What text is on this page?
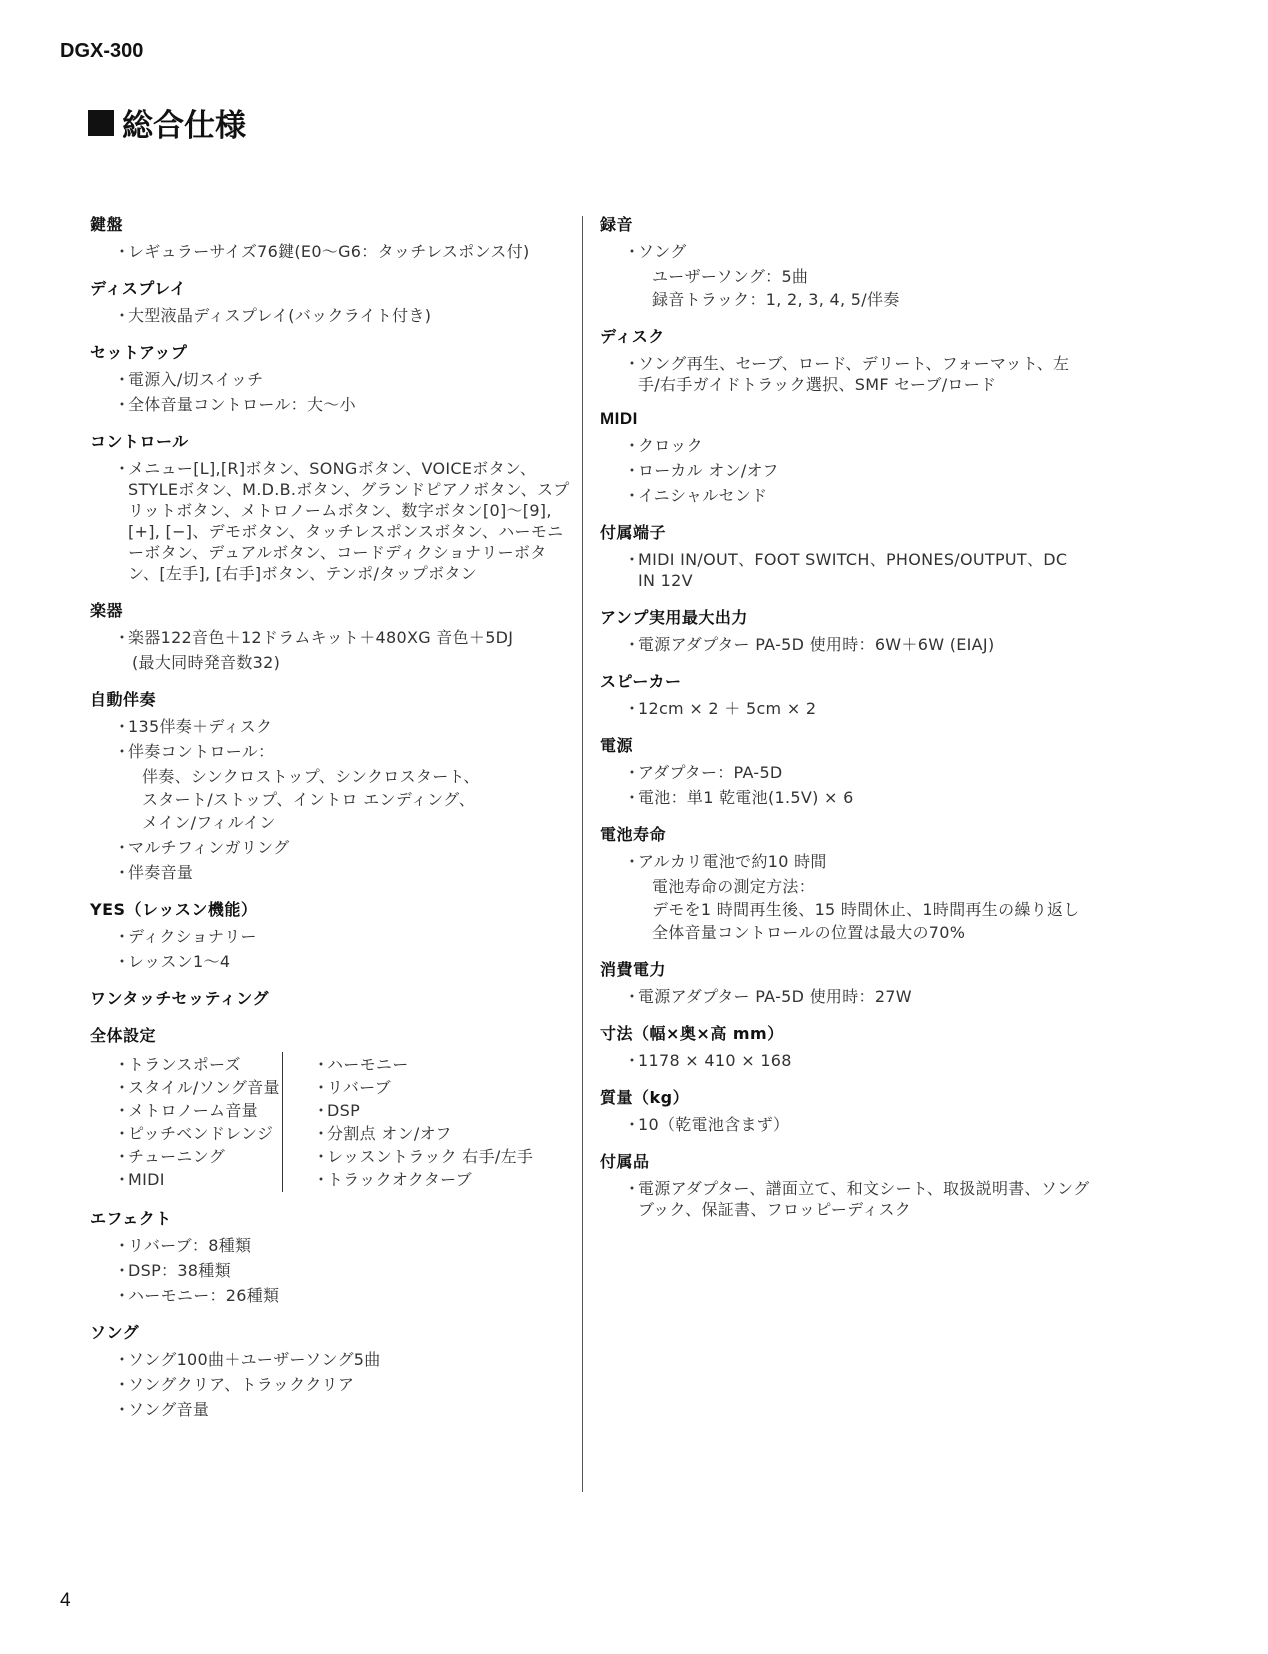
DGX-300
総合仕様
鍵盤
・レギュラーサイズ76鍵(E0〜G6：タッチレスポンス付)
ディスプレイ
・大型液晶ディスプレイ(バックライト付き)
セットアップ
・電源入/切スイッチ
・全体音量コントロール：大〜小
コントロール
・メニュー[L],[R]ボタン、SONGボタン、VOICEボタン、STYLEボタン、M.D.B.ボタン、グランドピアノボタン、スプリットボタン、メトロノームボタン、数字ボタン[0]〜[9], [+], [−]、デモボタン、タッチレスポンスボタン、ハーモニーボタン、デュアルボタン、コードディクショナリーボタン、[左手], [右手]ボタン、テンポ/タップボタン
楽器
・楽器122音色＋12ドラムキット＋480XG 音色＋5DJ
(最大同時発音数32)
自動伴奏
・135伴奏＋ディスク
・伴奏コントロール：
伴奏、シンクロストップ、シンクロスタート、
スタート/ストップ、イントロ エンディング、
メイン/フィルイン
・マルチフィンガリング
・伴奏音量
YES（レッスン機能）
・ディクショナリー
・レッスン1〜4
ワンタッチセッティング
全体設定
・トランスポーズ
・スタイル/ソング音量
・メトロノーム音量
・ピッチベンドレンジ
・チューニング
・MIDI
・ハーモニー
・リバーブ
・DSP
・分割点 オン/オフ
・レッスントラック 右手/左手
・トラックオクターブ
エフェクト
・リバーブ：8種類
・DSP：38種類
・ハーモニー：26種類
ソング
・ソング100曲＋ユーザーソング5曲
・ソングクリア、トラッククリア
・ソング音量
録音
・ソング
ユーザーソング：5曲
録音トラック：1, 2, 3, 4, 5/伴奏
ディスク
・ソング再生、セーブ、ロード、デリート、フォーマット、左手/右手ガイドトラック選択、SMF セーブ/ロード
MIDI
・クロック
・ローカル オン/オフ
・イニシャルセンド
付属端子
・MIDI IN/OUT、FOOT SWITCH、PHONES/OUTPUT、DC IN 12V
アンプ実用最大出力
・電源アダプター PA-5D 使用時：6W＋6W (EIAJ)
スピーカー
・12cm × 2 ＋ 5cm × 2
電源
・アダプター：PA-5D
・電池：単1 乾電池(1.5V) × 6
電池寿命
・アルカリ電池で約10 時間
電池寿命の測定方法：
デモを1 時間再生後、15 時間休止、1時間再生の繰り返し
全体音量コントロールの位置は最大の70%
消費電力
・電源アダプター PA-5D 使用時：27W
寸法（幅×奥×高 mm）
・1178 × 410 × 168
質量（kg）
・10（乾電池含まず）
付属品
・電源アダプター、譜面立て、和文シート、取扱説明書、ソングブック、保証書、フロッピーディスク
4
